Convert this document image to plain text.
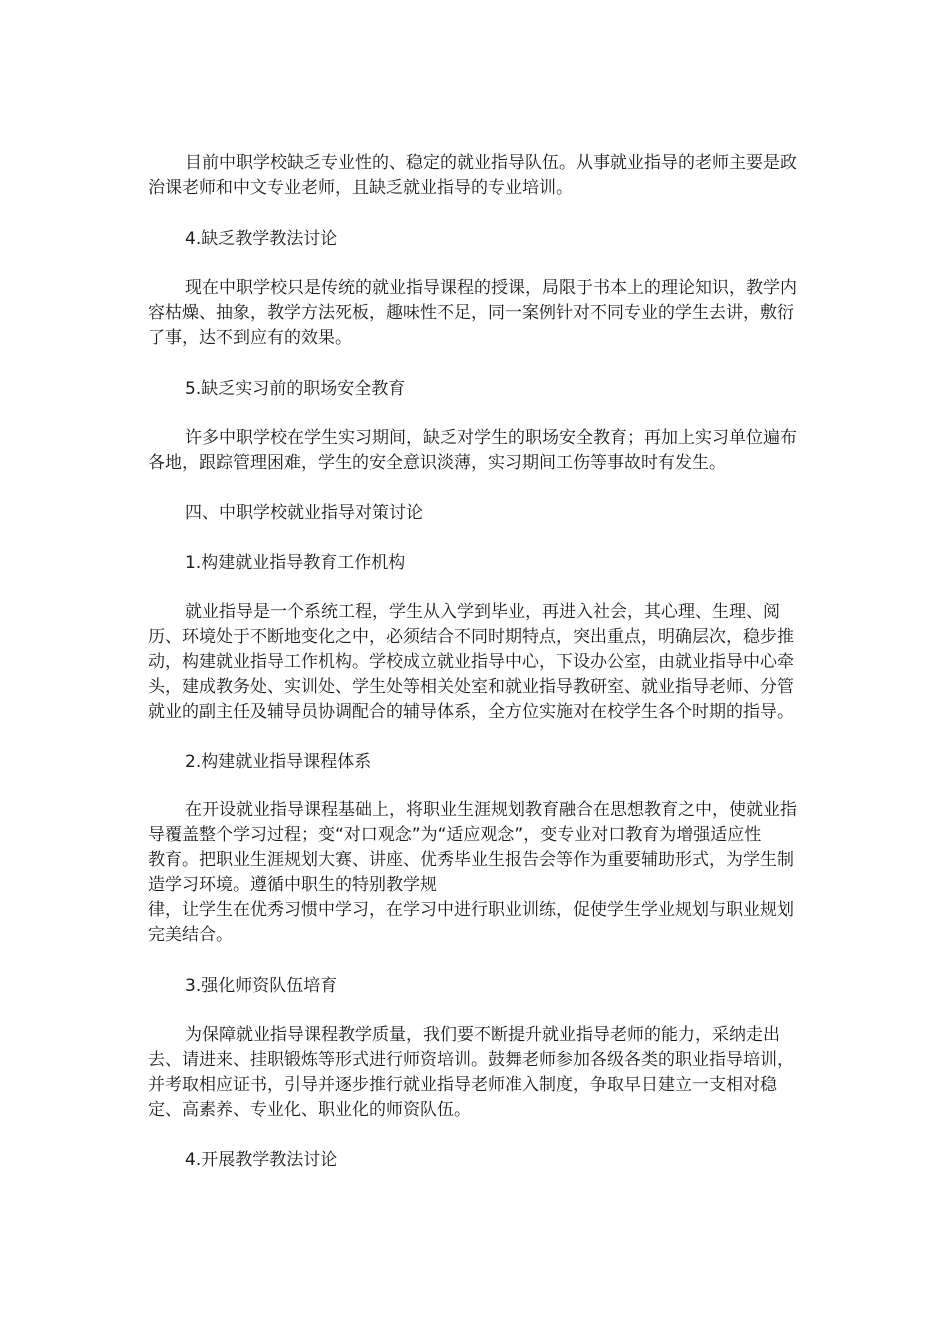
目前中职学校缺乏专业性的、稳定的就业指导队伍。从事就业指导的老师主要是政
治课老师和中文专业老师，且缺乏就业指导的专业培训。

4.缺乏教学教法讨论

现在中职学校只是传统的就业指导课程的授课，局限于书本上的理论知识，教学内
容枯燥、抽象，教学方法死板，趣味性不足，同一案例针对不同专业的学生去讲，敷衍
了事，达不到应有的效果。

5.缺乏实习前的职场安全教育

许多中职学校在学生实习期间，缺乏对学生的职场安全教育；再加上实习单位遍布
各地，跟踪管理困难，学生的安全意识淡薄，实习期间工伤等事故时有发生。

四、中职学校就业指导对策讨论

1.构建就业指导教育工作机构

就业指导是一个系统工程，学生从入学到毕业，再进入社会，其心理、生理、阅
历、环境处于不断地变化之中，必须结合不同时期特点，突出重点，明确层次，稳步推
动，构建就业指导工作机构。学校成立就业指导中心，下设办公室，由就业指导中心牵
头，建成教务处、实训处、学生处等相关处室和就业指导教研室、就业指导老师、分管
就业的副主任及辅导员协调配合的辅导体系，全方位实施对在校学生各个时期的指导。

2.构建就业指导课程体系

在开设就业指导课程基础上，将职业生涯规划教育融合在思想教育之中，使就业指
导覆盖整个学习过程；变“对口观念”为“适应观念”，变专业对口教育为增强适应性
教育。把职业生涯规划大赛、讲座、优秀毕业生报告会等作为重要辅助形式，为学生制
造学习环境。遵循中职生的特别教学规
律，让学生在优秀习惯中学习，在学习中进行职业训练，促使学生学业规划与职业规划
完美结合。

3.强化师资队伍培育

为保障就业指导课程教学质量，我们要不断提升就业指导老师的能力，采纳走出
去、请进来、挂职锻炼等形式进行师资培训。鼓舞老师参加各级各类的职业指导培训，
并考取相应证书，引导并逐步推行就业指导老师准入制度，争取早日建立一支相对稳
定、高素养、专业化、职业化的师资队伍。

4.开展教学教法讨论
